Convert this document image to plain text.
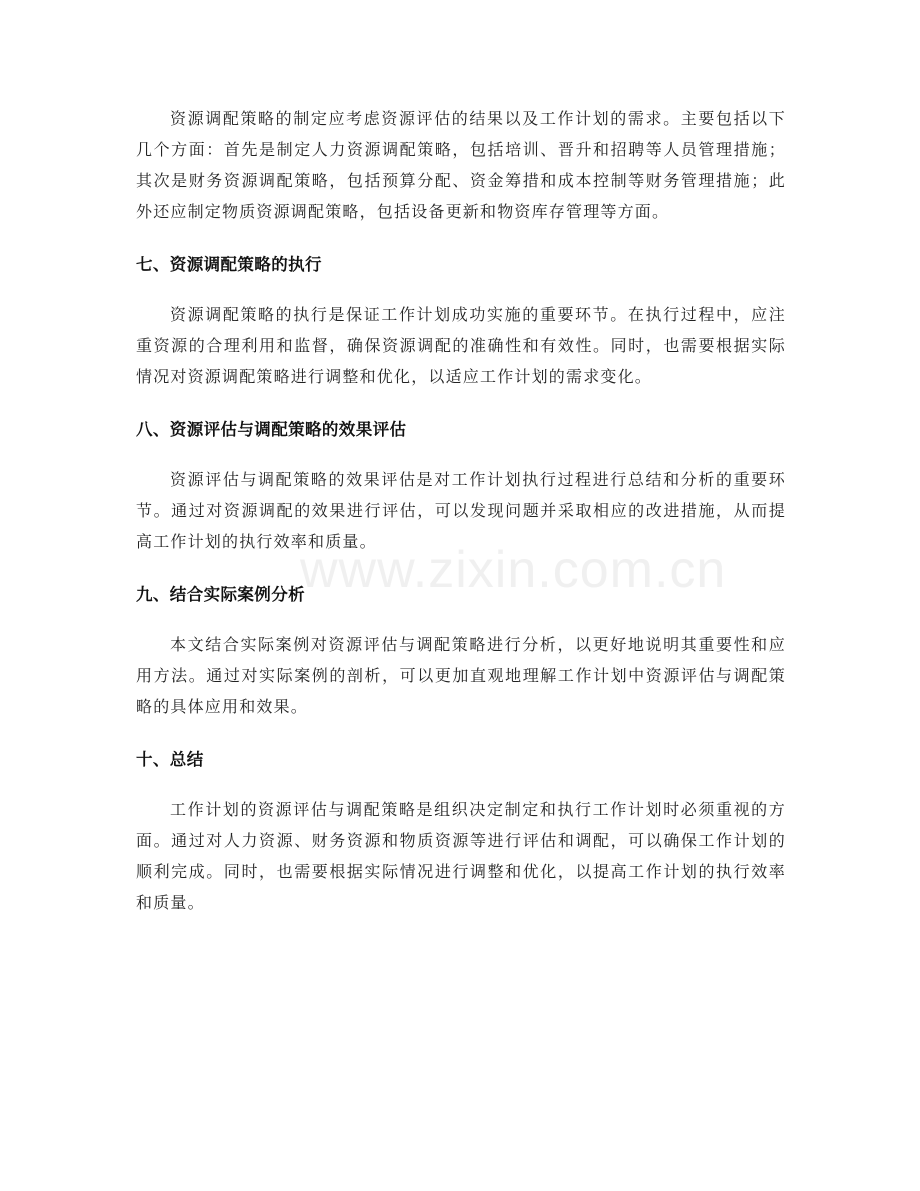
资源调配策略的制定应考虑资源评估的结果以及工作计划的需求。主要包括以下几个方面：首先是制定人力资源调配策略，包括培训、晋升和招聘等人员管理措施；其次是财务资源调配策略，包括预算分配、资金筹措和成本控制等财务管理措施；此外还应制定物质资源调配策略，包括设备更新和物资库存管理等方面。

七、资源调配策略的执行

资源调配策略的执行是保证工作计划成功实施的重要环节。在执行过程中，应注重资源的合理利用和监督，确保资源调配的准确性和有效性。同时，也需要根据实际情况对资源调配策略进行调整和优化，以适应工作计划的需求变化。

八、资源评估与调配策略的效果评估

资源评估与调配策略的效果评估是对工作计划执行过程进行总结和分析的重要环节。通过对资源调配的效果进行评估，可以发现问题并采取相应的改进措施，从而提高工作计划的执行效率和质量。

九、结合实际案例分析

本文结合实际案例对资源评估与调配策略进行分析，以更好地说明其重要性和应用方法。通过对实际案例的剖析，可以更加直观地理解工作计划中资源评估与调配策略的具体应用和效果。

十、总结

工作计划的资源评估与调配策略是组织决定制定和执行工作计划时必须重视的方面。通过对人力资源、财务资源和物质资源等进行评估和调配，可以确保工作计划的顺利完成。同时，也需要根据实际情况进行调整和优化，以提高工作计划的执行效率和质量。

www.zixin.com.cn
